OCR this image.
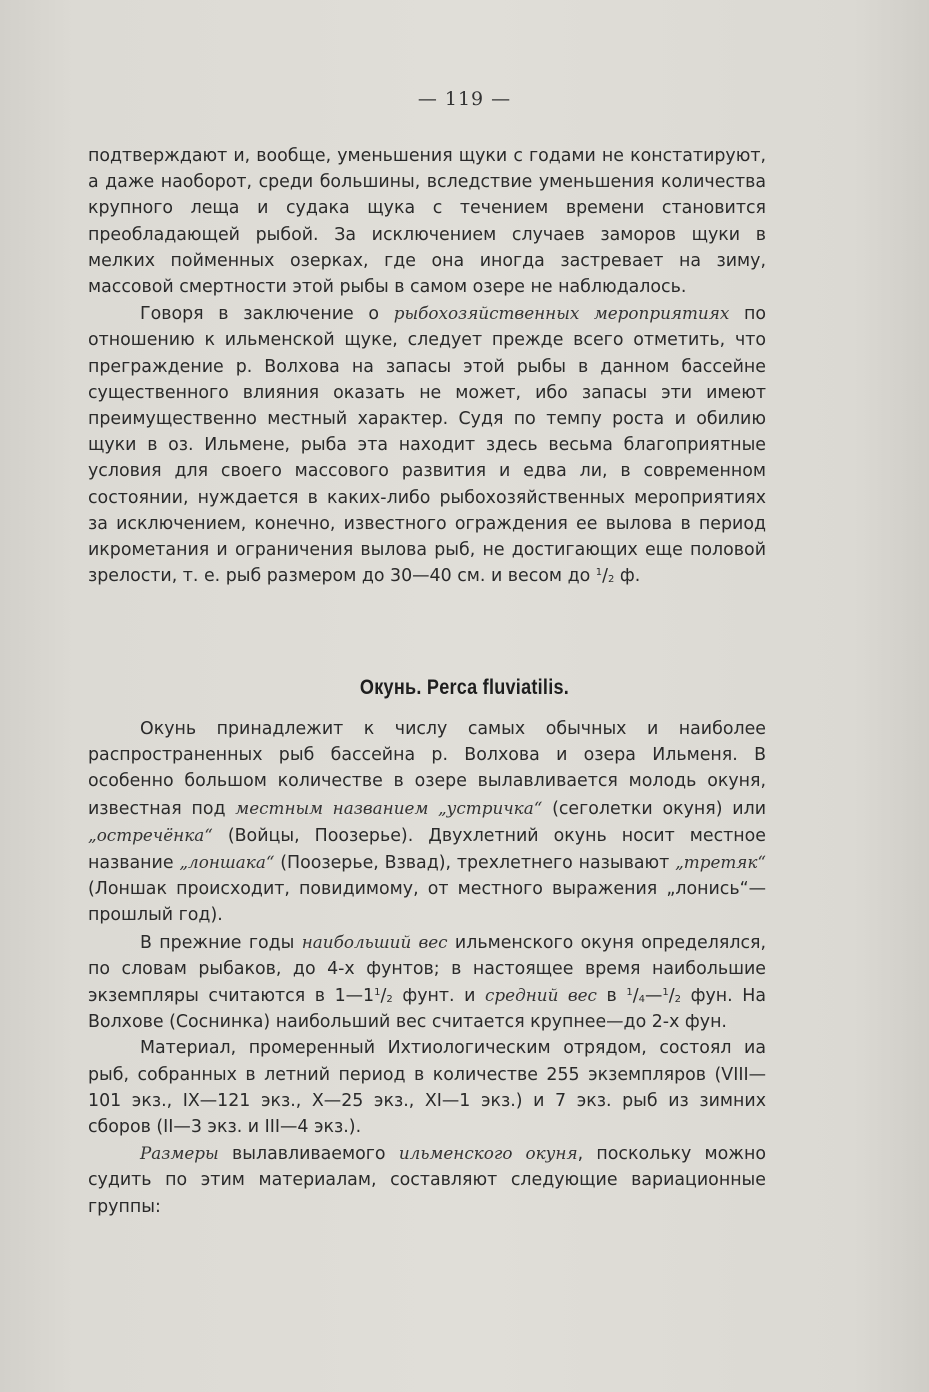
— 119 —

подтверждают и, вообще, уменьшения щуки с годами не констатируют, а даже наоборот, среди большины, вследствие уменьшения количества крупного леща и судака щука с течением времени становится преобладающей рыбой. За исключением случаев заморов щуки в мелких пойменных озерках, где она иногда застревает на зиму, массовой смертности этой рыбы в самом озере не наблюдалось.

Говоря в заключение о рыбохозяйственных мероприятиях по отношению к ильменской щуке, следует прежде всего отметить, что преграждение р. Волхова на запасы этой рыбы в данном бассейне существенного влияния оказать не может, ибо запасы эти имеют преимущественно местный характер. Судя по темпу роста и обилию щуки в оз. Ильмене, рыба эта находит здесь весьма благоприятные условия для своего массового развития и едва ли, в современном состоянии, нуждается в каких-либо рыбохозяйственных мероприятиях за исключением, конечно, известного ограждения ее вылова в период икрометания и ограничения вылова рыб, не достигающих еще половой зрелости, т. е. рыб размером до 30—40 см. и весом до $^1/_2$ ф.

Окунь. Perca fluviatilis.

Окунь принадлежит к числу самых обычных и наиболее распространенных рыб бассейна р. Волхова и озера Ильменя. В особенно большом количестве в озере вылавливается молодь окуня, известная под местным названием „устричка“ (сеголетки окуня) или „остречёнка“ (Войцы, Поозерье). Двухлетний окунь носит местное название „лоншака“ (Поозерье, Взвад), трехлетнего называют „третяк“ (Лоншак происходит, повидимому, от местного выражения „лонись“—прошлый год).

В прежние годы наибольший вес ильменского окуня определялся, по словам рыбаков, до 4-х фунтов; в настоящее время наибольшие экземпляры считаются в $1—1^1/_2$ фунт. и средний вес в $^1/_4—^1/_2$ фун. На Волхове (Соснинка) наибольший вес считается крупнее—до 2-х фун.

Материал, промеренный Ихтиологическим отрядом, состоял иа рыб, собранных в летний период в количестве 255 экземпляров (VIII—101 экз., IX—121 экз., X—25 экз., XI—1 экз.) и 7 экз. рыб из зимних сборов (II—3 экз. и III—4 экз.).

Размеры вылавливаемого ильменского окуня, поскольку можно судить по этим материалам, составляют следующие вариационные группы:
